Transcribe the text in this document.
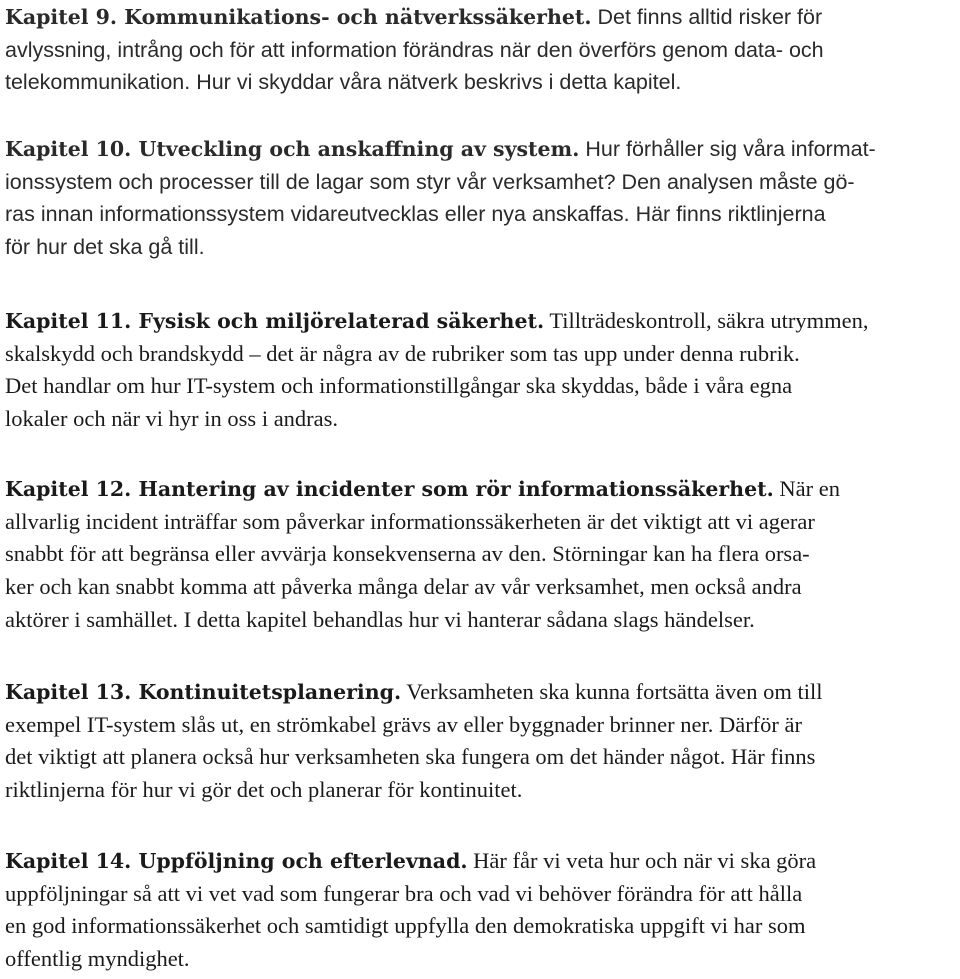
Kapitel 9. Kommunikations- och nätverkssäkerhet. Det finns alltid risker för
avlyssning, intrång och för att information förändras när den överförs genom data- och
telekommunikation. Hur vi skyddar våra nätverk beskrivs i detta kapitel.

Kapitel 10. Utveckling och anskaffning av system. Hur förhåller sig våra informat-
ionssystem och processer till de lagar som styr vår verksamhet? Den analysen måste gö-
ras innan informationssystem vidareutvecklas eller nya anskaffas. Här finns riktlinjerna
för hur det ska gå till.

Kapitel 11. Fysisk och miljörelaterad säkerhet. Tillträdeskontroll, säkra utrymmen,
skalskydd och brandskydd – det är några av de rubriker som tas upp under denna rubrik.
Det handlar om hur IT-system och informationstillgångar ska skyddas, både i våra egna
lokaler och när vi hyr in oss i andras.

Kapitel 12. Hantering av incidenter som rör informationssäkerhet. När en
allvarlig incident inträffar som påverkar informationssäkerheten är det viktigt att vi agerar
snabbt för att begränsa eller avvärja konsekvenserna av den. Störningar kan ha flera orsa-
ker och kan snabbt komma att påverka många delar av vår verksamhet, men också andra
aktörer i samhället. I detta kapitel behandlas hur vi hanterar sådana slags händelser.

Kapitel 13. Kontinuitetsplanering. Verksamheten ska kunna fortsätta även om till
exempel IT-system slås ut, en strömkabel grävs av eller byggnader brinner ner. Därför är
det viktigt att planera också hur verksamheten ska fungera om det händer något. Här finns
riktlinjerna för hur vi gör det och planerar för kontinuitet.

Kapitel 14. Uppföljning och efterlevnad. Här får vi veta hur och när vi ska göra
uppföljningar så att vi vet vad som fungerar bra och vad vi behöver förändra för att hålla
en god informationssäkerhet och samtidigt uppfylla den demokratiska uppgift vi har som
offentlig myndighet.
